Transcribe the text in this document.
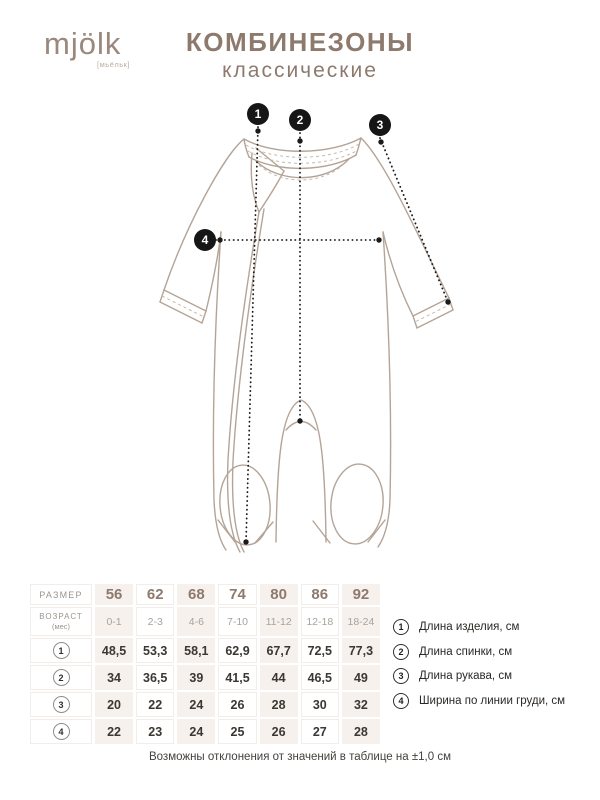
mjölk
[мьёльк]
КОМБИНЕЗОНЫ
классические
1	2	3
4
РАЗМЕР 56 62 68 74 80 86 92
ВОЗРАСТ
(мес)	0-1 2-3 4-6 7-10 11-12 12-18 18-24
1	48,5 53,3 58,1 62,9 67,7 72,5 77,3
2	34 36,5 39 41,5 44 46,5 49
3	20 22 24 26 28 30 32
4	22 23 24 25 26 27 28
1	Длина изделия, см
2	Длина спинки, см
3	Длина рукава, см
4	Ширина по линии груди, см
Возможны отклонения от значений в таблице на ±1,0 см
